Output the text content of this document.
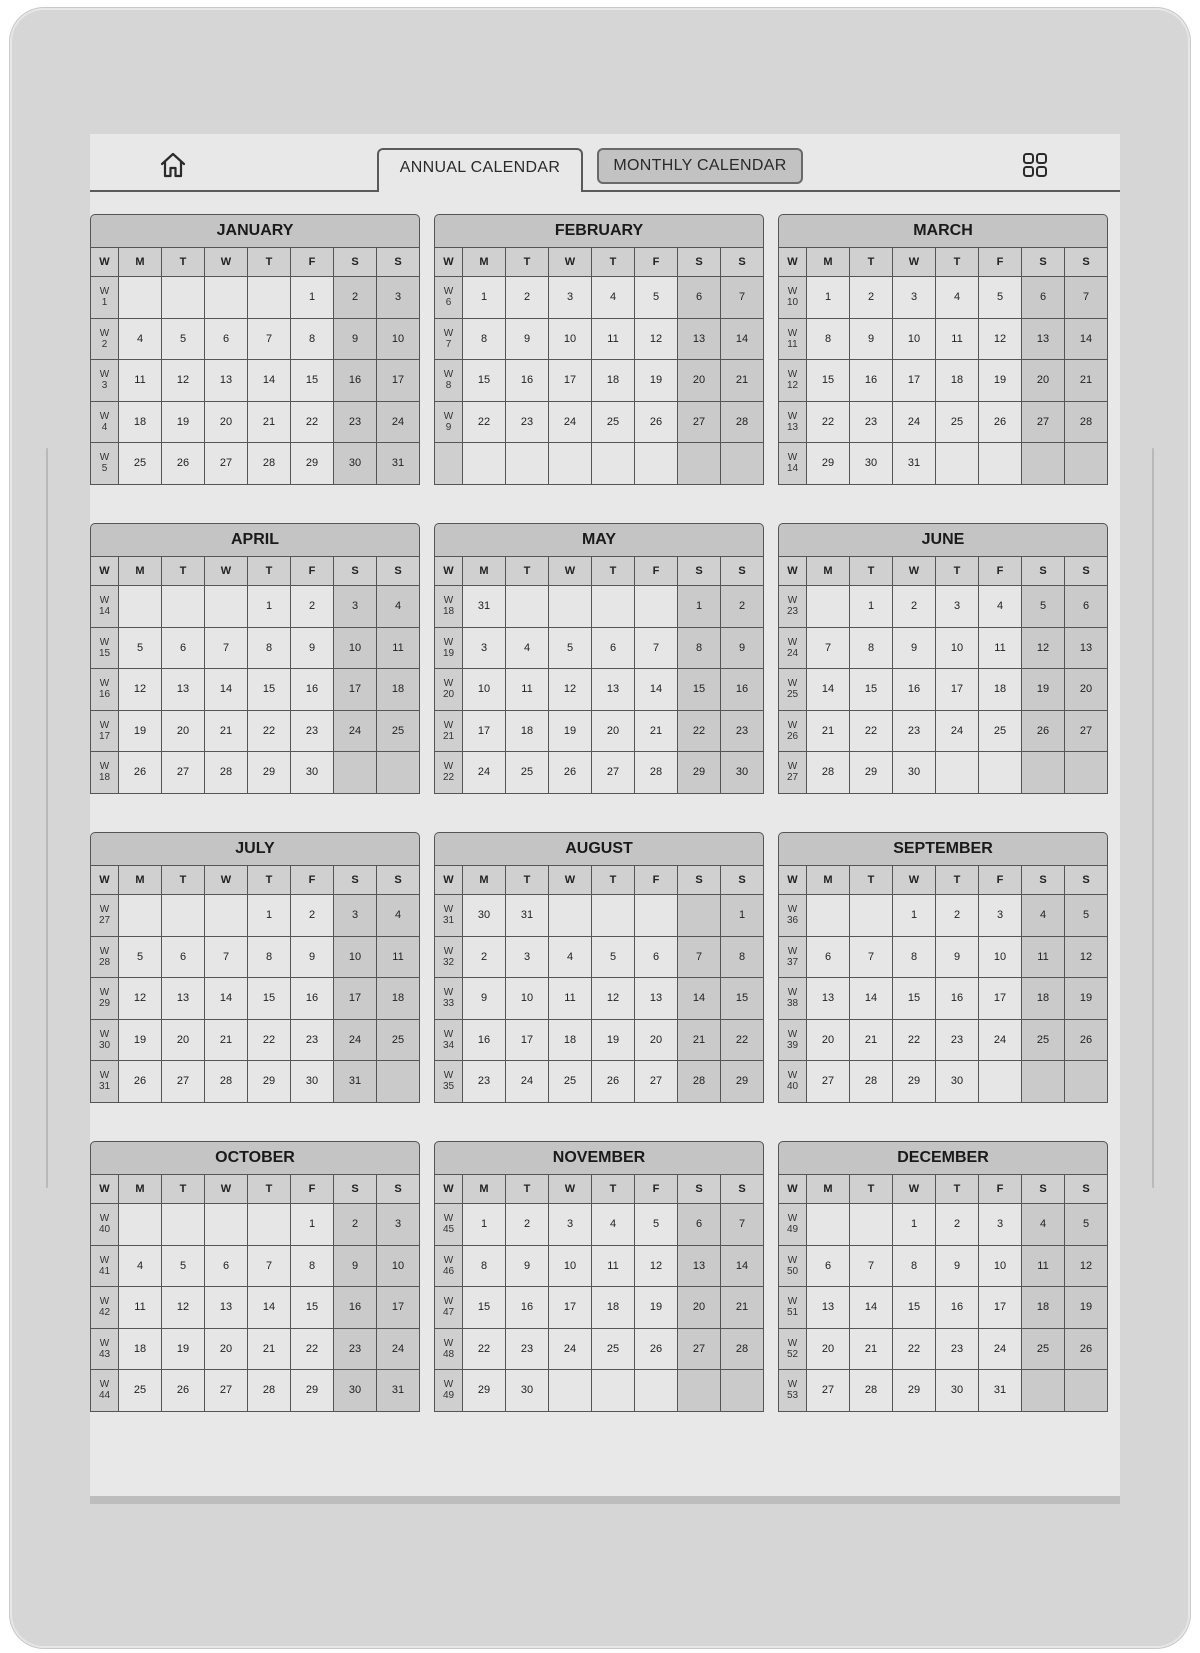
ANNUAL CALENDAR	MONTHLY CALENDAR
JANUARY
W	M	T	W	T	F	S	S
W
1					1	2	3
W
2	4	5	6	7	8	9	10
W
3	11	12	13	14	15	16	17
W
4	18	19	20	21	22	23	24
W
5	25	26	27	28	29	30	31
FEBRUARY
W	M	T	W	T	F	S	S
W
6	1	2	3	4	5	6	7
W
7	8	9	10	11	12	13	14
W
8	15	16	17	18	19	20	21
W
9	22	23	24	25	26	27	28

MARCH
W	M	T	W	T	F	S	S
W
10	1	2	3	4	5	6	7
W
11	8	9	10	11	12	13	14
W
12	15	16	17	18	19	20	21
W
13	22	23	24	25	26	27	28
W
14	29	30	31				
APRIL
W	M	T	W	T	F	S	S
W
14				1	2	3	4
W
15	5	6	7	8	9	10	11
W
16	12	13	14	15	16	17	18
W
17	19	20	21	22	23	24	25
W
18	26	27	28	29	30		
MAY
W	M	T	W	T	F	S	S
W
18	31					1	2
W
19	3	4	5	6	7	8	9
W
20	10	11	12	13	14	15	16
W
21	17	18	19	20	21	22	23
W
22	24	25	26	27	28	29	30
JUNE
W	M	T	W	T	F	S	S
W
23		1	2	3	4	5	6
W
24	7	8	9	10	11	12	13
W
25	14	15	16	17	18	19	20
W
26	21	22	23	24	25	26	27
W
27	28	29	30				
JULY
W	M	T	W	T	F	S	S
W
27				1	2	3	4
W
28	5	6	7	8	9	10	11
W
29	12	13	14	15	16	17	18
W
30	19	20	21	22	23	24	25
W
31	26	27	28	29	30	31	
AUGUST
W	M	T	W	T	F	S	S
W
31	30	31					1
W
32	2	3	4	5	6	7	8
W
33	9	10	11	12	13	14	15
W
34	16	17	18	19	20	21	22
W
35	23	24	25	26	27	28	29
SEPTEMBER
W	M	T	W	T	F	S	S
W
36			1	2	3	4	5
W
37	6	7	8	9	10	11	12
W
38	13	14	15	16	17	18	19
W
39	20	21	22	23	24	25	26
W
40	27	28	29	30			
OCTOBER
W	M	T	W	T	F	S	S
W
40					1	2	3
W
41	4	5	6	7	8	9	10
W
42	11	12	13	14	15	16	17
W
43	18	19	20	21	22	23	24
W
44	25	26	27	28	29	30	31
NOVEMBER
W	M	T	W	T	F	S	S
W
45	1	2	3	4	5	6	7
W
46	8	9	10	11	12	13	14
W
47	15	16	17	18	19	20	21
W
48	22	23	24	25	26	27	28
W
49	29	30					
DECEMBER
W	M	T	W	T	F	S	S
W
49			1	2	3	4	5
W
50	6	7	8	9	10	11	12
W
51	13	14	15	16	17	18	19
W
52	20	21	22	23	24	25	26
W
53	27	28	29	30	31		
